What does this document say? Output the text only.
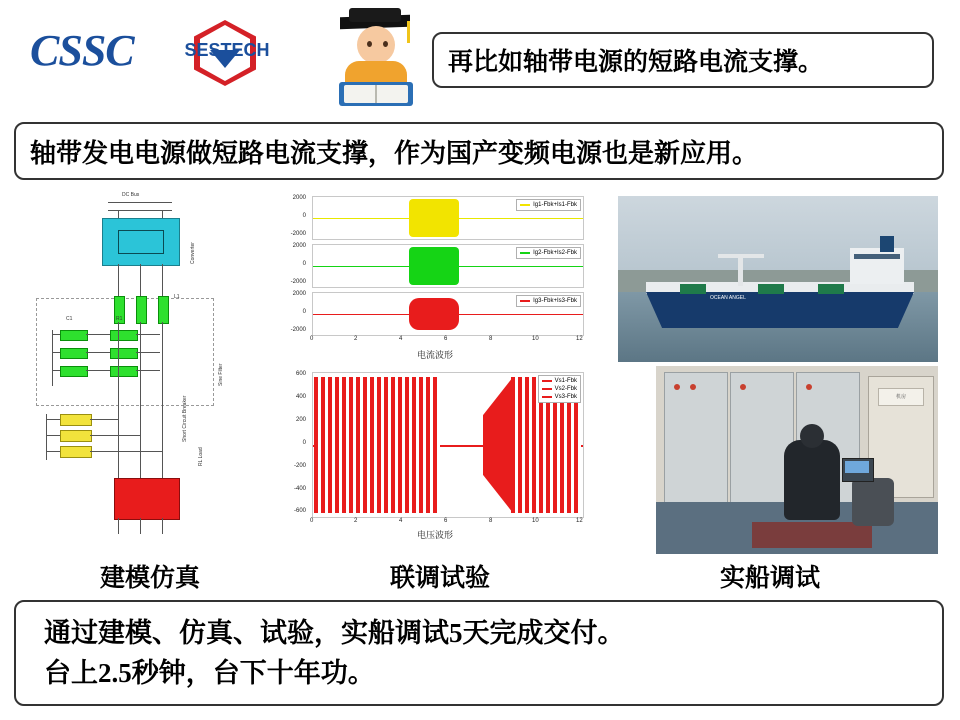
CSSC	SESTECH	再比如轴带电源的短路电流支撑。
轴带发电电源做短路电流支撑，作为国产变频电源也是新应用。
通过建模、仿真、试验，实船调试5天完成交付。
台上2.5秒钟，台下十年功。
DC Bus
Converter
Sine Filter
L1
C1	R1
RL Load
Short Circuit Breaker
Ig1-Fbk+Is1-Fbk
2000
0
-2000
Ig2-Fbk+Is2-Fbk
2000
0
-2000
Ig3-Fbk+Is3-Fbk
2000
0
-2000
0	2	4	6	8	10	12
电流波形
Vs1-Fbk
Vs2-Fbk
Vs3-Fbk
600
400
200
0
-200
-400
-600
0	2	4	6	8	10	12
电压波形
OCEAN ANGEL
机房
建模仿真	联调试验	实船调试
